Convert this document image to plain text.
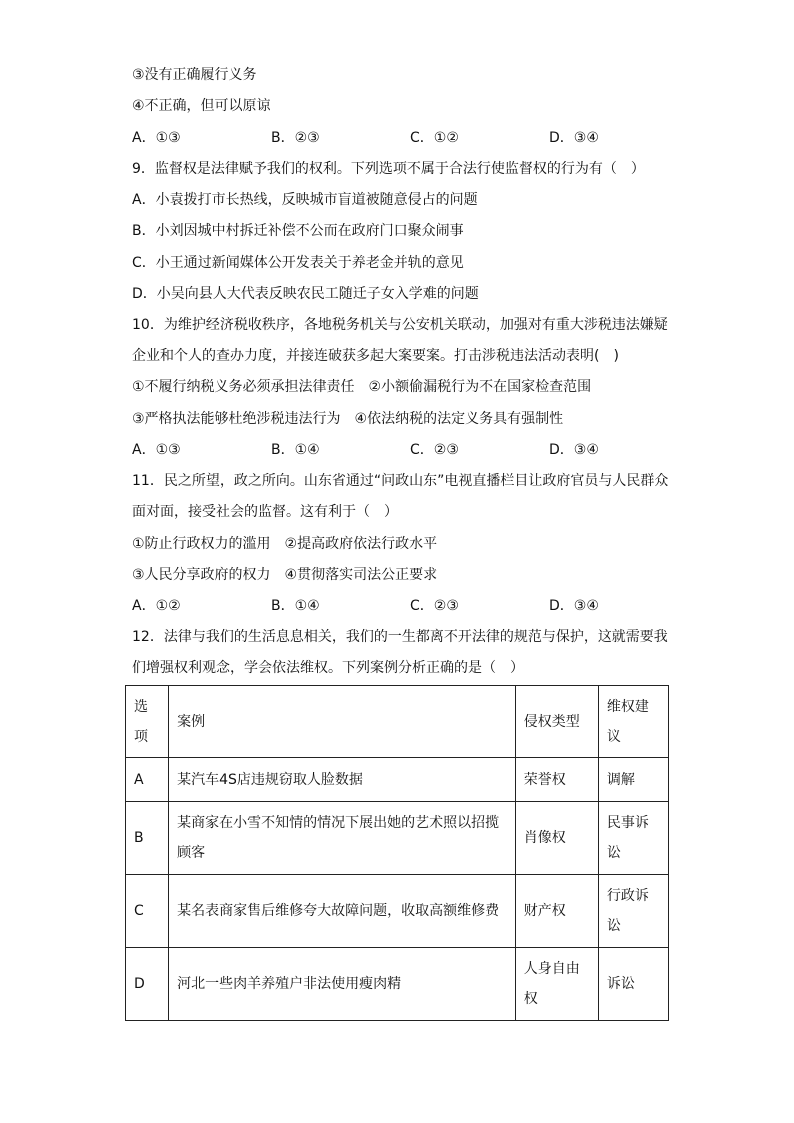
③没有正确履行义务
④不正确，但可以原谅
A．①③	B．②③	C．①②	D．③④
9．监督权是法律赋予我们的权利。下列选项不属于合法行使监督权的行为有（　）
A．小袁拨打市长热线，反映城市盲道被随意侵占的问题
B．小刘因城中村拆迁补偿不公而在政府门口聚众闹事
C．小王通过新闻媒体公开发表关于养老金并轨的意见
D．小吴向县人大代表反映农民工随迁子女入学难的问题
10．为维护经济税收秩序，各地税务机关与公安机关联动，加强对有重大涉税违法嫌疑
企业和个人的查办力度，并接连破获多起大案要案。打击涉税违法活动表明(　)
①不履行纳税义务必须承担法律责任　②小额偷漏税行为不在国家检查范围
③严格执法能够杜绝涉税违法行为　④依法纳税的法定义务具有强制性
A．①③	B．①④	C．②③	D．③④
11．民之所望，政之所向。山东省通过“问政山东”电视直播栏目让政府官员与人民群众
面对面，接受社会的监督。这有利于（　）
①防止行政权力的滥用　②提高政府依法行政水平
③人民分享政府的权力　④贯彻落实司法公正要求
A．①②	B．①④	C．②③	D．③④
12．法律与我们的生活息息相关，我们的一生都离不开法律的规范与保护，这就需要我
们增强权利观念，学会依法维权。下列案例分析正确的是（　）
选项	案例	侵权类型	维权建议
A	某汽车4S店违规窃取人脸数据	荣誉权	调解
B	某商家在小雪不知情的情况下展出她的艺术照以招揽顾客	肖像权	民事诉讼
C	某名表商家售后维修夸大故障问题，收取高额维修费	财产权	行政诉讼
D	河北一些肉羊养殖户非法使用瘦肉精	人身自由权	诉讼
